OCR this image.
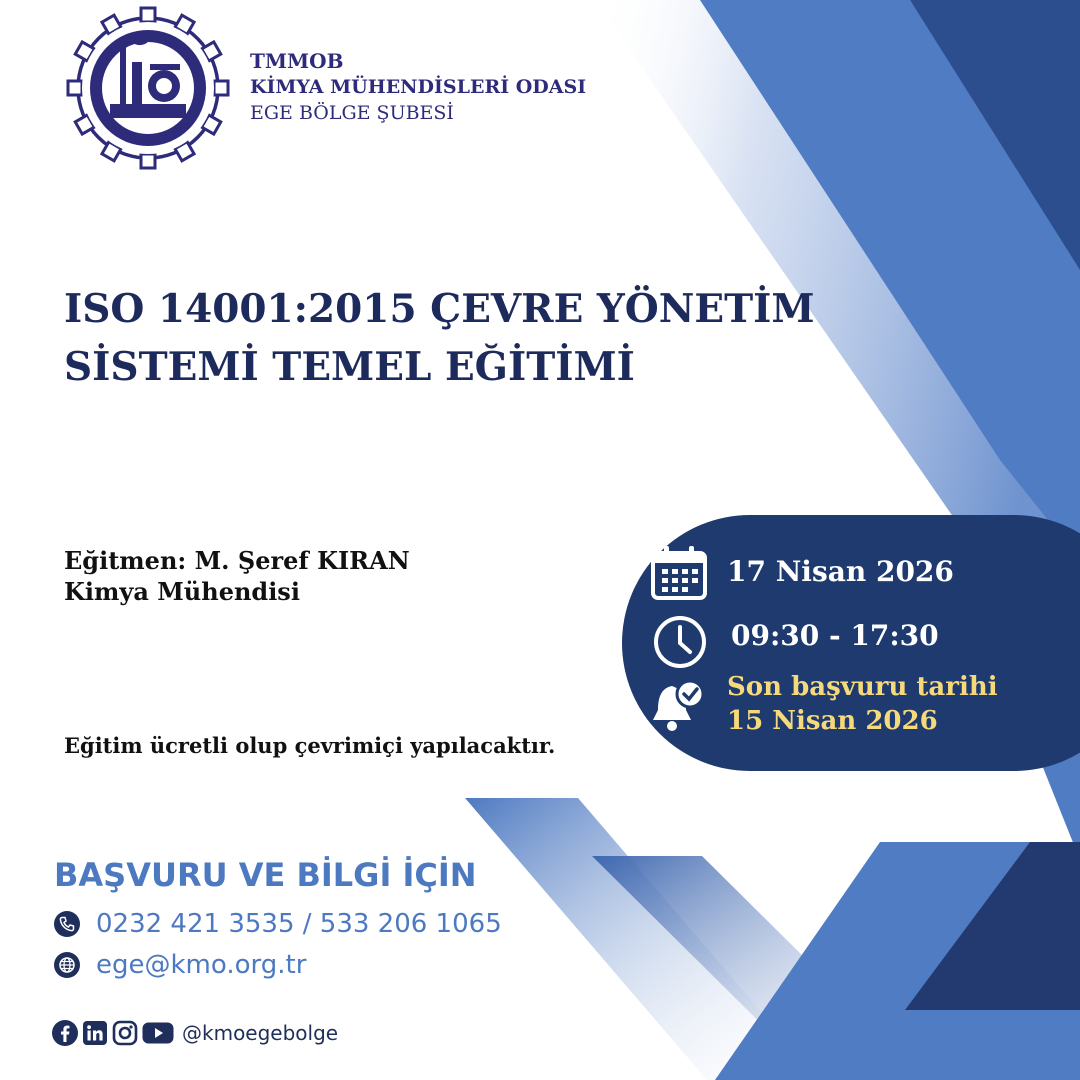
TMMOB
KİMYA MÜHENDİSLERİ ODASI
EGE BÖLGE ŞUBESİ
ISO 14001:2015 ÇEVRE YÖNETİM
SİSTEMİ TEMEL EĞİTİMİ
Eğitmen: M. Şeref KIRAN
Kimya Mühendisi
Eğitim ücretli olup çevrimiçi yapılacaktır.
17 Nisan 2026
09:30 - 17:30
Son başvuru tarihi
15 Nisan 2026
BAŞVURU VE BİLGİ İÇİN
0232 421 3535 / 533 206 1065
ege@kmo.org.tr
@kmoegebolge
